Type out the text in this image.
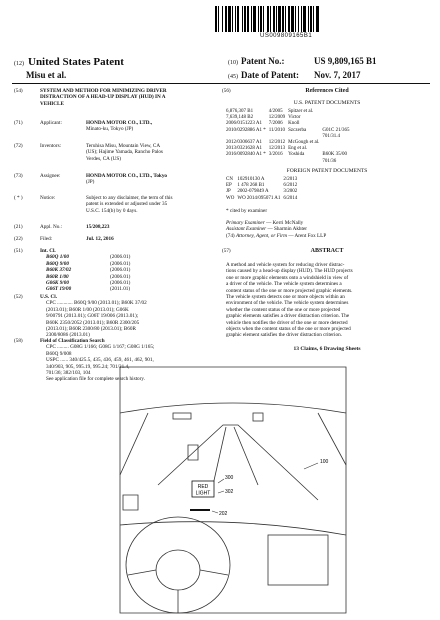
US009809165B1
(12) United States Patent
Misu et al.
(10) Patent No.:	US 9,809,165 B1
(45) Date of Patent: Nov. 7, 2017
(54)	SYSTEM AND METHOD FOR MINIMIZING DRIVER DISTRACTION OF A HEAD-UP DISPLAY (HUD) IN A VEHICLE
(71)	Applicant:	HONDA MOTOR CO., LTD.,
Minato-ku, Tokyo (JP)
(72)	Inventors:	Teruhisa Misu, Mountain View, CA
(US); Hajime Yamada, Rancho Palos
Verdes, CA (US)
(73)	Assignee:	HONDA MOTOR CO., LTD., Tokyo
(JP)
( * )	Notice:	Subject to any disclaimer, the term of this
patent is extended or adjusted under 35
U.S.C. 154(b) by 0 days.
(21)	Appl. No.:	15/208,223
(22)	Filed:	Jul. 12, 2016
(51)	Int. Cl.
B60Q 1/00	(2006.01)
B60Q 9/00	(2006.01)
B60K 37/02	(2006.01)
B60R 1/00	(2006.01)
G06K 9/00	(2006.01)
G06T 19/00	(2011.01)
(52)	U.S. Cl.
CPC ............ B60Q 9/00 (2013.01); B60K 37/02
(2013.01); B60R 1/00 (2013.01); G06K
9/00791 (2013.01); G06T 19/006 (2013.01);
B60K 2350/2052 (2013.01); B60R 2300/205
(2013.01); B60R 2300/80 (2013.01); B60R
2300/8086 (2013.01)
(58)	Field of Classification Search
CPC ......... G08G 1/166; G08G 1/167; G08G 1/165;
B60Q 9/008
USPC ...... 340/425.5, 435, 436, 459, 461, 462, 901,
340/903, 905, 995.19, 995.24; 701/31.4,
701/36; 382/103, 104
See application file for complete search history.
(56)	References Cited
U.S. PATENT DOCUMENTS
6,876,307 B1	4/2005	Spitzer et al.	
7,639,148 B2	12/2009	Victor	
2006/0151223 A1	7/2006	Knoll	
2010/0292886 A1 *	11/2010	Szczerba	G01C 21/365
			701/31.4
2012/0306637 A1	12/2012	McGough et al.	
2013/0321628 A1	12/2013	Eng et al.	
2016/0092840 A1 *	3/2016	Yoshida	B60K 35/00
			701/36
FOREIGN PATENT DOCUMENTS
CN	102910130 A	2/2013
EP	1 478 268 B1	6/2012
JP	2002-079849 A	3/2002
WO	WO 2014/095071 A1	6/2014
* cited by examiner
Primary Examiner — Kerri McNally
Assistant Examiner — Sharmin Akhter
(74) Attorney, Agent, or Firm — Arent Fox LLP
(57)	ABSTRACT
A method and vehicle system for reducing driver distrac-
tions caused by a head-up display (HUD). The HUD projects
one or more graphic elements onto a windshield in view of
a driver of the vehicle. The vehicle system determines a
content status of the one or more projected graphic elements.
The vehicle system detects one or more objects within an
environment of the vehicle. The vehicle system determines
whether the content status of the one or more projected
graphic elements satisfies a driver distraction criterion. The
vehicle then notifies the driver of the one or more detected
objects when the content status of the one or more projected
graphic element satisfies the driver distraction criterion.
13 Claims, 6 Drawing Sheets
RED
LIGHT
300
302
202
100
